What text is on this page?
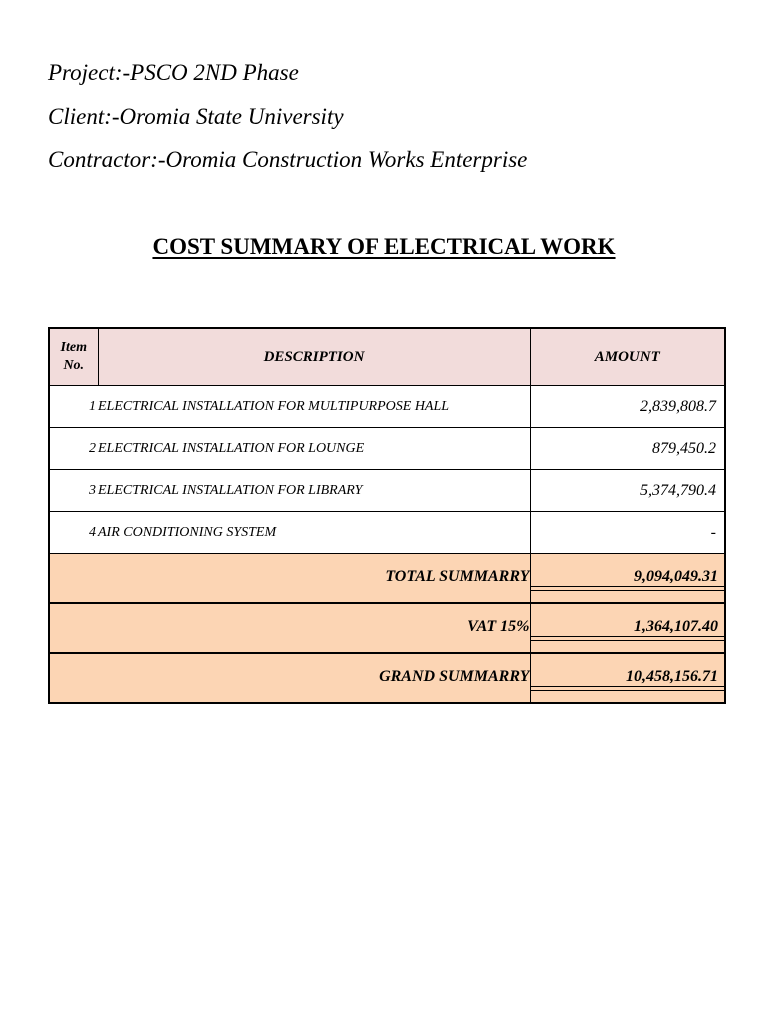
Project:-PSCO 2ND Phase
Client:-Oromia State University
Contractor:-Oromia Construction Works Enterprise
COST SUMMARY OF ELECTRICAL WORK
Item
No.	DESCRIPTION	AMOUNT
1	ELECTRICAL INSTALLATION FOR MULTIPURPOSE HALL	2,839,808.7
2	ELECTRICAL INSTALLATION FOR LOUNGE	879,450.2
3	ELECTRICAL INSTALLATION FOR LIBRARY	5,374,790.4
4	AIR CONDITIONING SYSTEM	-
TOTAL SUMMARRY		9,094,049.31

VAT 15%		1,364,107.40

GRAND SUMMARRY		10,458,156.71
